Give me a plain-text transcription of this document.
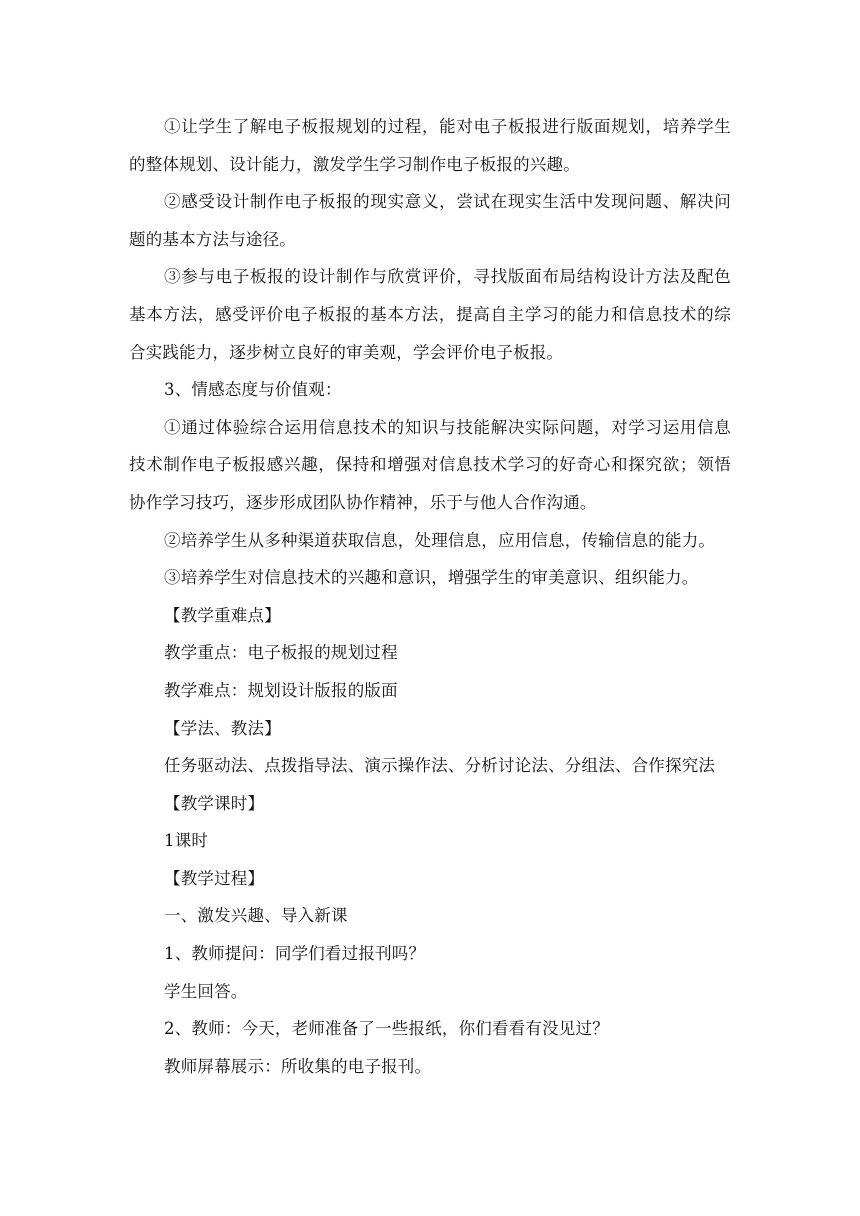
①让学生了解电子板报规划的过程，能对电子板报进行版面规划，培养学生
的整体规划、设计能力，激发学生学习制作电子板报的兴趣。
②感受设计制作电子板报的现实意义，尝试在现实生活中发现问题、解决问
题的基本方法与途径。
③参与电子板报的设计制作与欣赏评价，寻找版面布局结构设计方法及配色
基本方法，感受评价电子板报的基本方法，提高自主学习的能力和信息技术的综
合实践能力，逐步树立良好的审美观，学会评价电子板报。
3、情感态度与价值观：
①通过体验综合运用信息技术的知识与技能解决实际问题，对学习运用信息
技术制作电子板报感兴趣，保持和增强对信息技术学习的好奇心和探究欲；领悟
协作学习技巧，逐步形成团队协作精神，乐于与他人合作沟通。
②培养学生从多种渠道获取信息，处理信息，应用信息，传输信息的能力。
③培养学生对信息技术的兴趣和意识，增强学生的审美意识、组织能力。
【教学重难点】
教学重点：电子板报的规划过程
教学难点：规划设计版报的版面
【学法、教法】
任务驱动法、点拨指导法、演示操作法、分析讨论法、分组法、合作探究法
【教学课时】
1课时
【教学过程】
一、激发兴趣、导入新课
1、教师提问：同学们看过报刊吗？
学生回答。
2、教师：今天，老师准备了一些报纸，你们看看有没见过？
教师屏幕展示：所收集的电子报刊。
